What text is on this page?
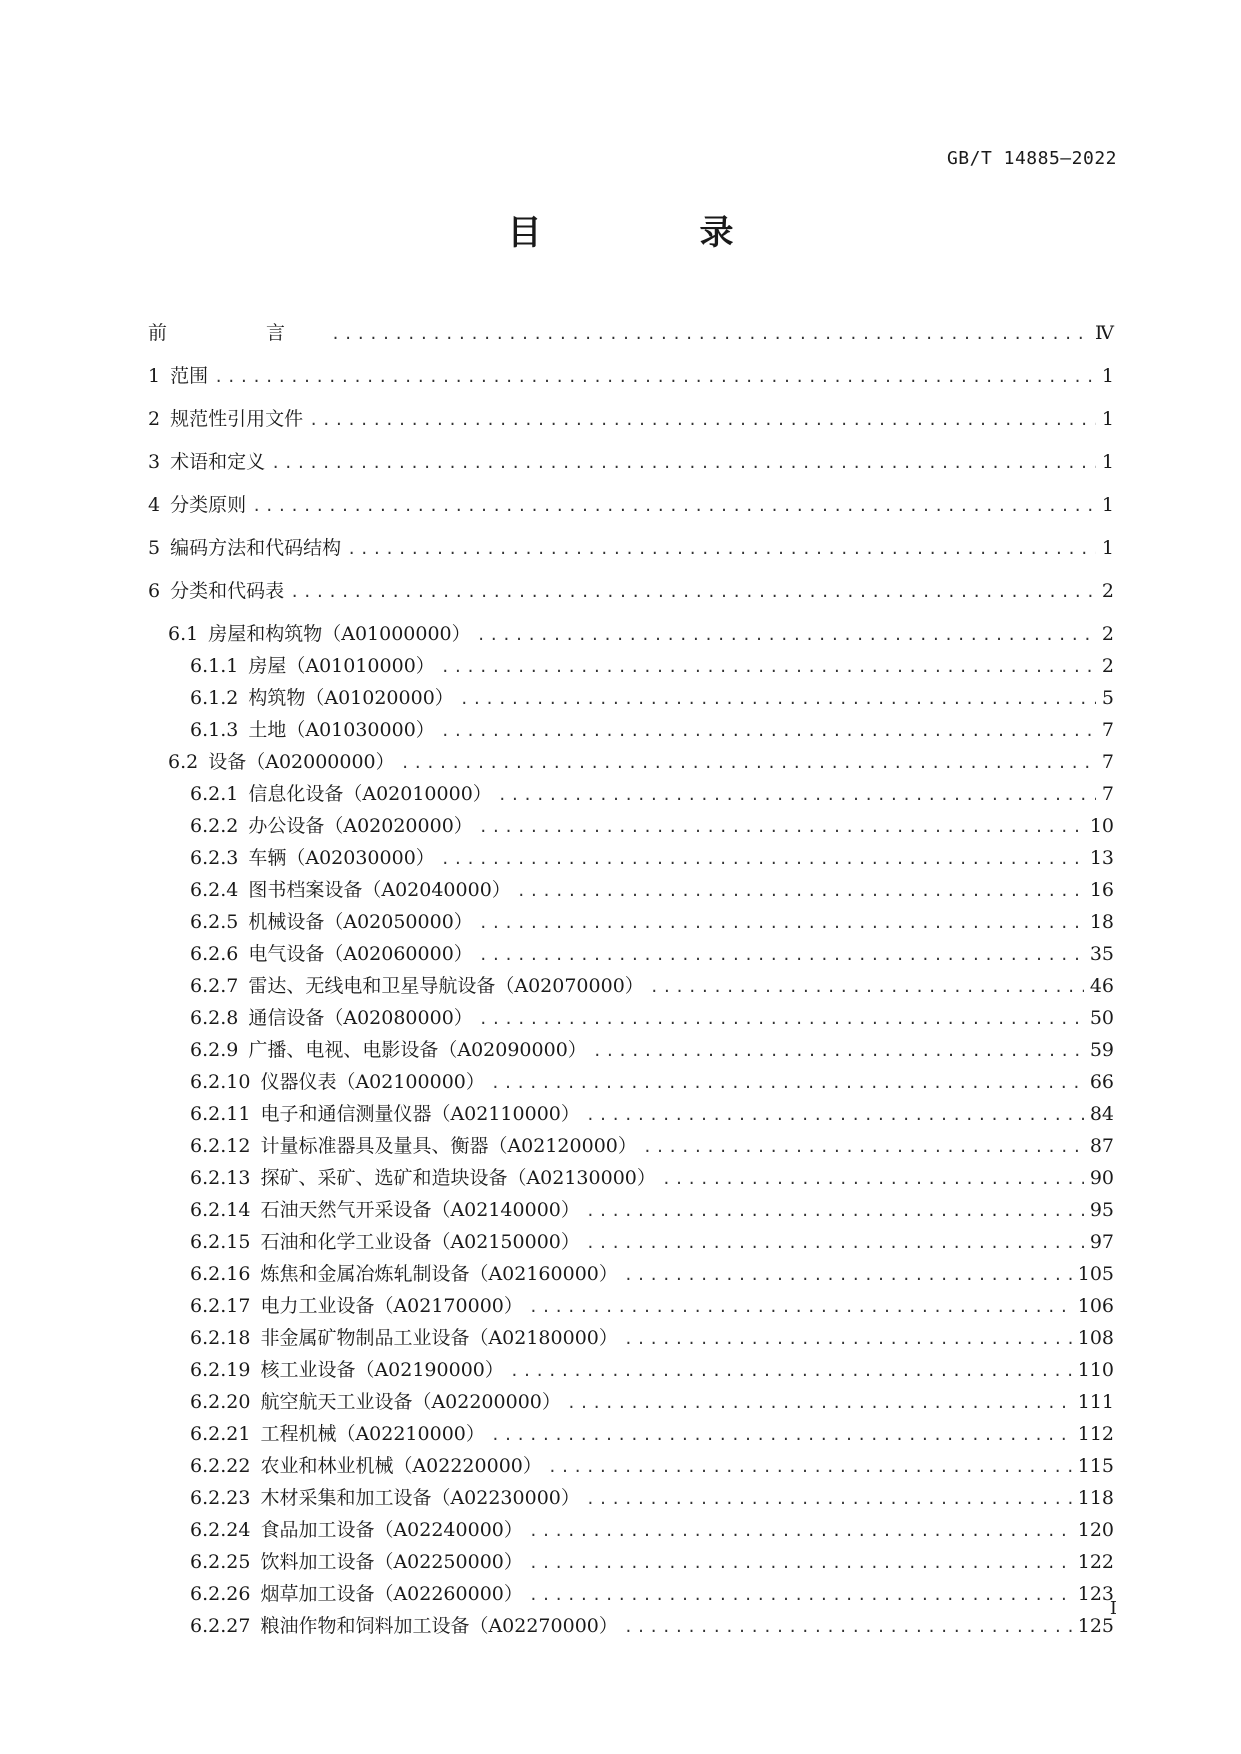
GB/T 14885—2022
目　录
前　言 .....	Ⅳ
1 范围 .....	1
2 规范性引用文件 .....	1
3 术语和定义 .....	1
4 分类原则 .....	1
5 编码方法和代码结构 .....	1
6 分类和代码表 .....	2
6.1 房屋和构筑物（A01000000） .....	2
6.1.1 房屋（A01010000） .....	2
6.1.2 构筑物（A01020000） .....	5
6.1.3 土地（A01030000） .....	7
6.2 设备（A02000000） .....	7
6.2.1 信息化设备（A02010000） .....	7
6.2.2 办公设备（A02020000） .....	10
6.2.3 车辆（A02030000） .....	13
6.2.4 图书档案设备（A02040000） .....	16
6.2.5 机械设备（A02050000） .....	18
6.2.6 电气设备（A02060000） .....	35
6.2.7 雷达、无线电和卫星导航设备（A02070000） .....	46
6.2.8 通信设备（A02080000） .....	50
6.2.9 广播、电视、电影设备（A02090000） .....	59
6.2.10 仪器仪表（A02100000） .....	66
6.2.11 电子和通信测量仪器（A02110000） .....	84
6.2.12 计量标准器具及量具、衡器（A02120000） .....	87
6.2.13 探矿、采矿、选矿和造块设备（A02130000） .....	90
6.2.14 石油天然气开采设备（A02140000） .....	95
6.2.15 石油和化学工业设备（A02150000） .....	97
6.2.16 炼焦和金属冶炼轧制设备（A02160000） .....	105
6.2.17 电力工业设备（A02170000） .....	106
6.2.18 非金属矿物制品工业设备（A02180000） .....	108
6.2.19 核工业设备（A02190000） .....	110
6.2.20 航空航天工业设备（A02200000） .....	111
6.2.21 工程机械（A02210000） .....	112
6.2.22 农业和林业机械（A02220000） .....	115
6.2.23 木材采集和加工设备（A02230000） .....	118
6.2.24 食品加工设备（A02240000） .....	120
6.2.25 饮料加工设备（A02250000） .....	122
6.2.26 烟草加工设备（A02260000） .....	123
6.2.27 粮油作物和饲料加工设备（A02270000） .....	125
Ⅰ
